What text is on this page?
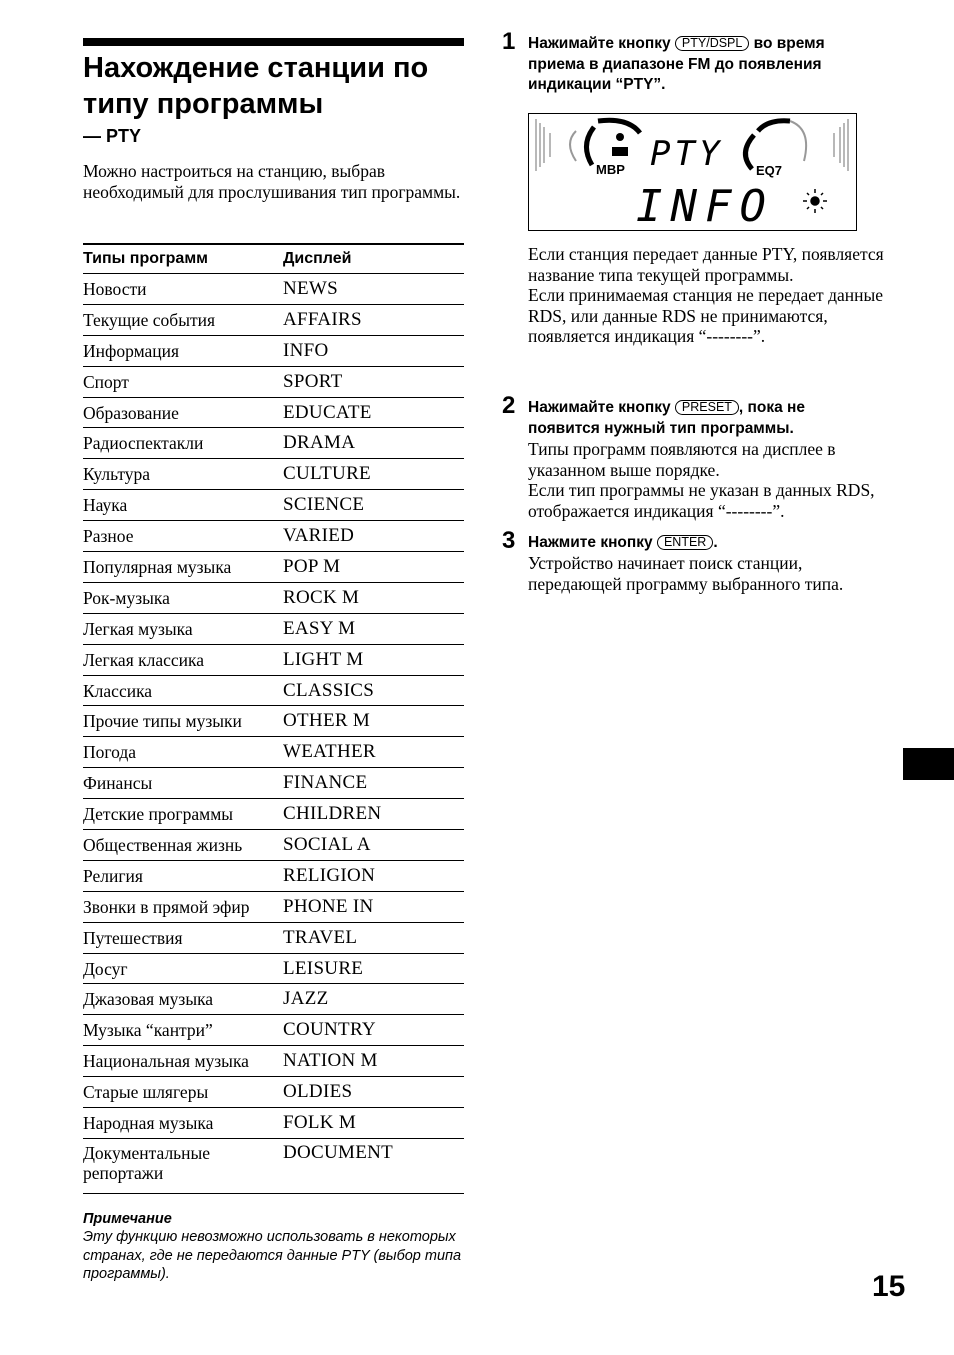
Нахождение станции по типу программы
— PTY

Можно настроиться на станцию, выбрав необходимый для прослушивания тип программы.

Типы программ	Дисплей
Новости	NEWS
Текущие события	AFFAIRS
Информация	INFO
Спорт	SPORT
Образование	EDUCATE
Радиоспектакли	DRAMA
Культура	CULTURE
Наука	SCIENCE
Разное	VARIED
Популярная музыка	POP M
Рок-музыка	ROCK M
Легкая музыка	EASY M
Легкая классика	LIGHT M
Классика	CLASSICS
Прочие типы музыки	OTHER M
Погода	WEATHER
Финансы	FINANCE
Детские программы	CHILDREN
Общественная жизнь	SOCIAL A
Религия	RELIGION
Звонки в прямой эфир	PHONE IN
Путешествия	TRAVEL
Досуг	LEISURE
Джазовая музыка	JAZZ
Музыка “кантри”	COUNTRY
Национальная музыка	NATION M
Старые шлягеры	OLDIES
Народная музыка	FOLK M
Документальные репортажи	DOCUMENT
Примечание
Эту функцию невозможно использовать в некоторых странах, где не передаются данные PTY (выбор типа программы).
1 Нажимайте кнопку PTY/DSPL во время приема в диапазоне FM до появления индикации “PTY”.

MBP PTY	EQ7
INFO

Если станция передает данные PTY, появляется название типа текущей программы.
Если принимаемая станция не передает данные RDS, или данные RDS не принимаются, появляется индикация “--------”.

2 Нажимайте кнопку PRESET , пока не появится нужный тип программы.

Типы программ появляются на дисплее в указанном выше порядке.
Если тип программы не указан в данных RDS, отображается индикация “--------”.

3 Нажмите кнопку ENTER .

Устройство начинает поиск станции, передающей программу выбранного типа.

15
